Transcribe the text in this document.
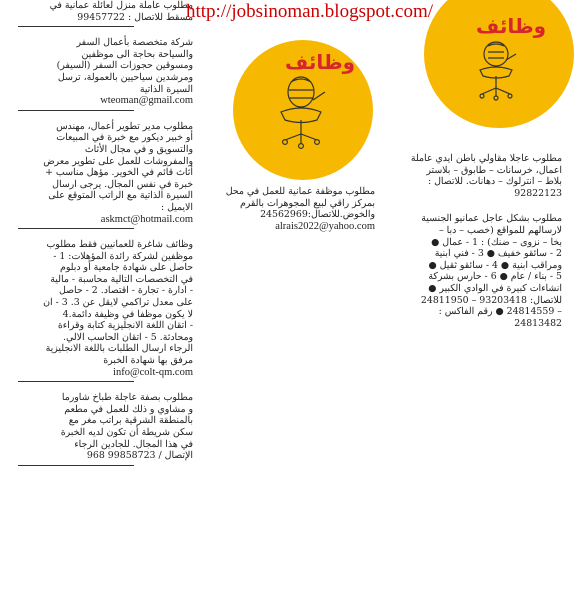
http://jobsinoman.blogspot.com/
وظائف
وظائف

مطلوب عاملة منزل لعائلة عمانية في

مسقط للاتصال : 99457722

شركة متخصصة بأعمال السفر

والسياحة بحاجة الى موظفين

ومسوقين حجوزات السفر (السيفر)

ومرشدين سياحيين بالعمولة، ترسل

السيرة الذاتية

wteoman@gmail.com

مطلوب مدير تطوير أعمال، مهندس

أو خبير ديكور مع خبرة في المبيعات

والتسويق و في مجال الأثاث

والمفروشات للعمل على تطوير معرض

أثاث قائم في الخوير. مؤهل مناسب +

خبرة في نفس المجال. يرجى ارسال

السيرة الذاتية مع الراتب المتوقع على

الايميل :

askmct@hotmail.com

وظائف شاغرة للعمانيين فقط مطلوب

موظفين لشركة رائدة المؤهلات: 1 -

حاصل على شهادة جامعية أو دبلوم

في التخصصات التالية محاسبة - مالية

- ادارة - تجارة - اقتصاد. 2 - حاصل

على معدل تراكمي لايقل عن 3. 3 - ان

لا يكون موظفا في وظيفة دائمة.4

- اتقان اللغة الانجليزية كتابة وقراءة

ومحادثة. 5 - اتقان الحاسب الالي.

الرجاء ارسال الطلبات باللغة الانجليزية

مرفق بها شهادة الخبرة

info@colt-qm.com

مطلوب بصفة عاجلة طباخ شاورما

و مشاوي و ذلك للعمل في مطعم

بالمنطقة الشرقية براتب مغر مع

سكن شريطة أن تكون لديه الخبرة

في هذا المجال. للجادين الرجاء

الإتصال / 99858723 968

مطلوب موظفة عمانية للعمل في محل

بمركز راقي لبيع المجوهرات بالقرم

والخوض.للاتصال:24562969

alrais2022@yahoo.com

مطلوب عاجلا مقاولي باطن ايدي عاملة

اعمال، خرسانات – طابوق – بلاستر

بلاط – انترلوك – دهانات. للاتصال :

92822123

مطلوب بشكل عاجل عمانيو الجنسية

لارسالهم للمواقع (خصب – دبا –

بخا – نزوى – ضنك) : 1 - عمال ●

2 - سائقو خفيف ● 3 - فني ابنية

ومراقب ابنية ● 4 - سائقو ثقيل ●

5 - بناء / عام ● 6 - حارس بشركة

انشاءات كبيرة في الوادي الكبير ●

للاتصال: 93203418 – 24811950

– 24814559 ● رقم الفاكس :

24813482
